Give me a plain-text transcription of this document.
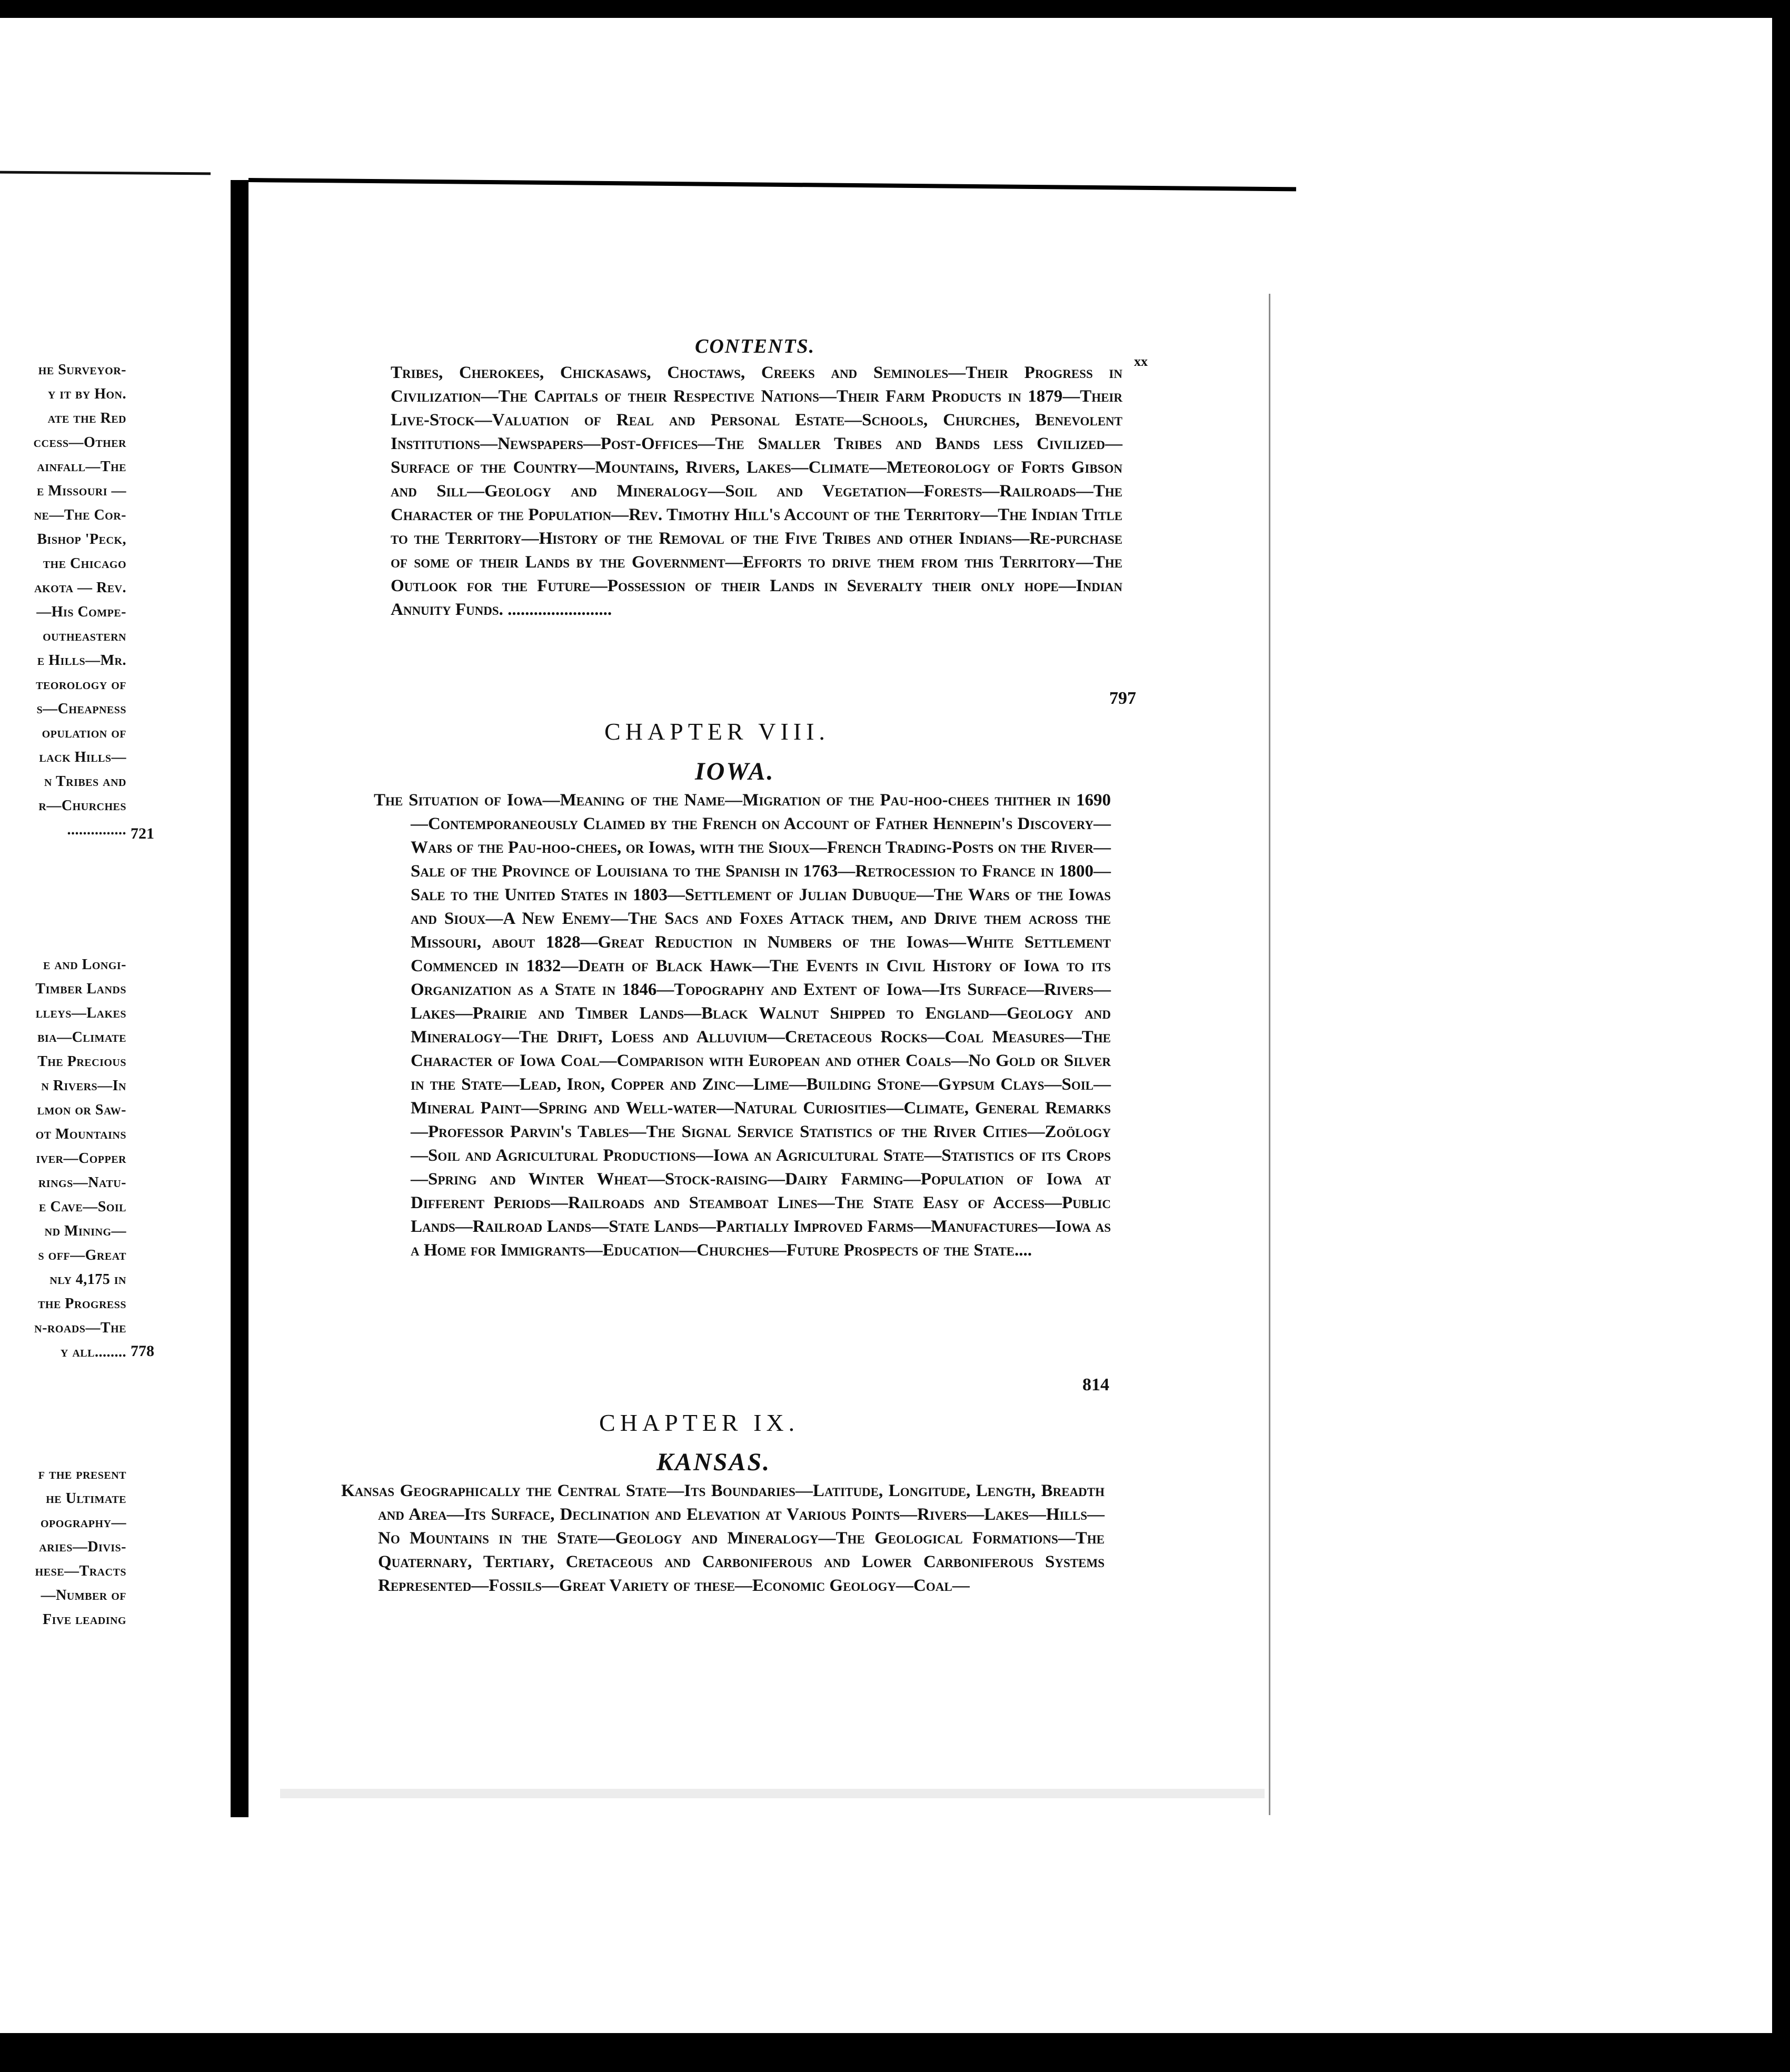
he Surveyor-
y it by Hon.
ate the Red
ccess—Other
ainfall—The
e Missouri —
ne—The Cor-
Bishop 'Peck,
the Chicago
akota — Rev.
—His Compe-
outheastern
e Hills—Mr.
teorology of
s—Cheapness
opulation of
lack Hills—
n Tribes and
r—Churches
............... 721
e and Longi-
Timber Lands
lleys—Lakes
bia—Climate
The Precious
n Rivers—In
lmon or Saw-
ot Mountains
iver—Copper
rings—Natu-
e Cave—Soil
nd Mining—
s off—Great
nly 4,175 in
the Progress
n-roads—The
y all........ 778
f the present
he Ultimate
opography—
aries—Divis-
hese—Tracts
—Number of
Five leading
CONTENTS.
xx

Tribes, Cherokees, Chickasaws, Choctaws, Creeks and Seminoles—Their Progress in Civilization—The Capitals of their Respective Nations—Their Farm Products in 1879—Their Live-Stock—Valuation of Real and Personal Estate—Schools, Churches, Benevolent Institutions—Newspapers—Post-Offices—The Smaller Tribes and Bands less Civilized—Surface of the Country—Mountains, Rivers, Lakes—Climate—Meteorology of Forts Gibson and Sill—Geology and Mineralogy—Soil and Vegetation—Forests—Railroads—The Character of the Population—Rev. Timothy Hill's Account of the Territory—The Indian Title to the Territory—History of the Removal of the Five Tribes and other Indians—Re-purchase of some of their Lands by the Government—Efforts to drive them from this Territory—The Outlook for the Future—Possession of their Lands in Severalty their only hope—Indian Annuity Funds. ........................

797
CHAPTER VIII.
IOWA.

The Situation of Iowa—Meaning of the Name—Migration of the Pau-hoo-chees thither in 1690—Contemporaneously Claimed by the French on Account of Father Hennepin's Discovery—Wars of the Pau-hoo-chees, or Iowas, with the Sioux—French Trading-Posts on the River—Sale of the Province of Louisiana to the Spanish in 1763—Retrocession to France in 1800—Sale to the United States in 1803—Settlement of Julian Dubuque—The Wars of the Iowas and Sioux—A New Enemy—The Sacs and Foxes Attack them, and Drive them across the Missouri, about 1828—Great Reduction in Numbers of the Iowas—White Settlement Commenced in 1832—Death of Black Hawk—The Events in Civil History of Iowa to its Organization as a State in 1846—Topography and Extent of Iowa—Its Surface—Rivers—Lakes—Prairie and Timber Lands—Black Walnut Shipped to England—Geology and Mineralogy—The Drift, Loess and Alluvium—Cretaceous Rocks—Coal Measures—The Character of Iowa Coal—Comparison with European and other Coals—No Gold or Silver in the State—Lead, Iron, Copper and Zinc—Lime—Building Stone—Gypsum Clays—Soil—Mineral Paint—Spring and Well-water—Natural Curiosities—Climate, General Remarks—Professor Parvin's Tables—The Signal Service Statistics of the River Cities—Zoölogy—Soil and Agricultural Productions—Iowa an Agricultural State—Statistics of its Crops—Spring and Winter Wheat—Stock-raising—Dairy Farming—Population of Iowa at Different Periods—Railroads and Steamboat Lines—The State Easy of Access—Public Lands—Railroad Lands—State Lands—Partially Improved Farms—Manufactures—Iowa as a Home for Immigrants—Education—Churches—Future Prospects of the State....

814
CHAPTER IX.
KANSAS.

Kansas Geographically the Central State—Its Boundaries—Latitude, Longitude, Length, Breadth and Area—Its Surface, Declination and Elevation at Various Points—Rivers—Lakes—Hills—No Mountains in the State—Geology and Mineralogy—The Geological Formations—The Quaternary, Tertiary, Cretaceous and Carboniferous and Lower Carboniferous Systems Represented—Fossils—Great Variety of these—Economic Geology—Coal—
